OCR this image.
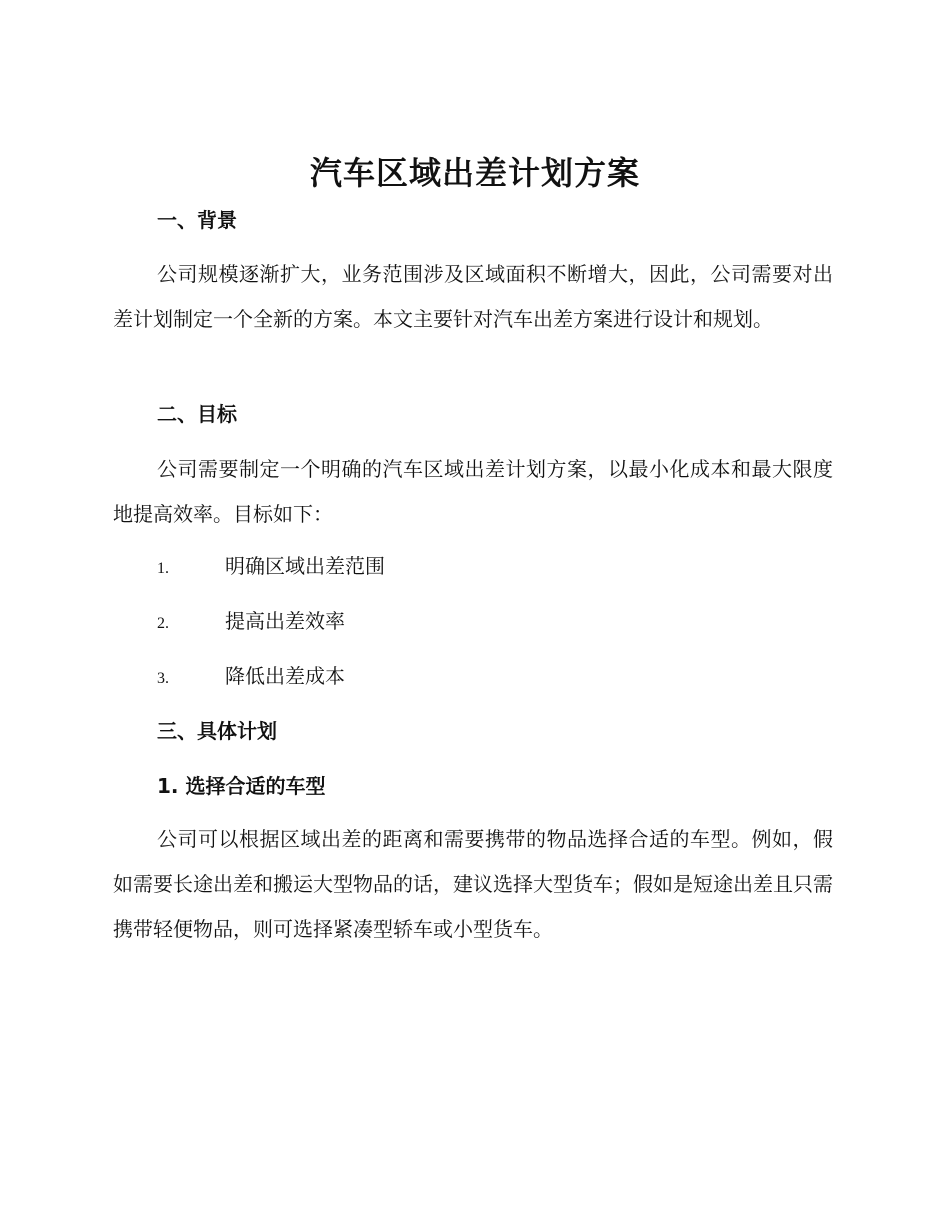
汽车区域出差计划方案
一、背景

公司规模逐渐扩大，业务范围涉及区域面积不断增大，因此，公司需要对出差计划制定一个全新的方案。本文主要针对汽车出差方案进行设计和规划。

二、目标

公司需要制定一个明确的汽车区域出差计划方案，以最小化成本和最大限度地提高效率。目标如下：

1.	明确区域出差范围
2.	提高出差效率
3.	降低出差成本
三、具体计划
1. 选择合适的车型

公司可以根据区域出差的距离和需要携带的物品选择合适的车型。例如，假如需要长途出差和搬运大型物品的话，建议选择大型货车；假如是短途出差且只需携带轻便物品，则可选择紧凑型轿车或小型货车。
